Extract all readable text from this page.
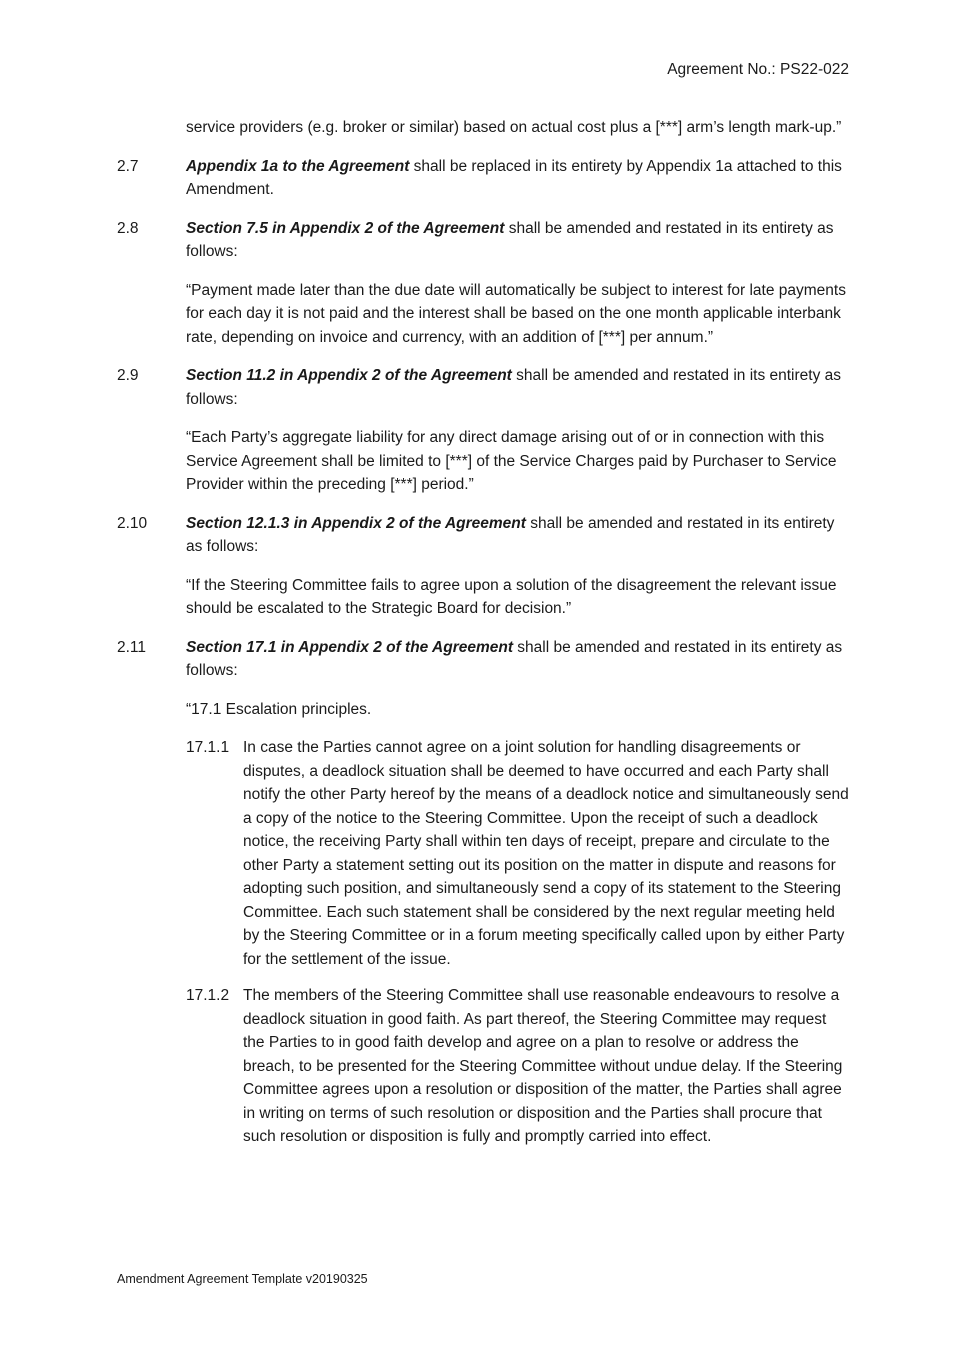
Agreement No.: PS22-022

service providers (e.g. broker or similar) based on actual cost plus a [***] arm’s length mark-up.”

2.7	Appendix 1a to the Agreement shall be replaced in its entirety by Appendix 1a attached to this Amendment.
2.8	Section 7.5 in Appendix 2 of the Agreement shall be amended and restated in its entirety as follows:

“Payment made later than the due date will automatically be subject to interest for late payments for each day it is not paid and the interest shall be based on the one month applicable interbank rate, depending on invoice and currency, with an addition of [***] per annum.”

2.9	Section 11.2 in Appendix 2 of the Agreement shall be amended and restated in its entirety as follows:

“Each Party’s aggregate liability for any direct damage arising out of or in connection with this Service Agreement shall be limited to [***] of the Service Charges paid by Purchaser to Service Provider within the preceding [***] period.”

2.10	Section 12.1.3 in Appendix 2 of the Agreement shall be amended and restated in its entirety as follows:

“If the Steering Committee fails to agree upon a solution of the disagreement the relevant issue should be escalated to the Strategic Board for decision.”

2.11	Section 17.1 in Appendix 2 of the Agreement shall be amended and restated in its entirety as follows:

“17.1 Escalation principles.

17.1.1 In case the Parties cannot agree on a joint solution for handling disagreements or disputes, a deadlock situation shall be deemed to have occurred and each Party shall notify the other Party hereof by the means of a deadlock notice and simultaneously send a copy of the notice to the Steering Committee. Upon the receipt of such a deadlock notice, the receiving Party shall within ten days of receipt, prepare and circulate to the other Party a statement setting out its position on the matter in dispute and reasons for adopting such position, and simultaneously send a copy of its statement to the Steering Committee. Each such statement shall be considered by the next regular meeting held by the Steering Committee or in a forum meeting specifically called upon by either Party for the settlement of the issue.
17.1.2 The members of the Steering Committee shall use reasonable endeavours to resolve a deadlock situation in good faith. As part thereof, the Steering Committee may request the Parties to in good faith develop and agree on a plan to resolve or address the breach, to be presented for the Steering Committee without undue delay. If the Steering Committee agrees upon a resolution or disposition of the matter, the Parties shall agree in writing on terms of such resolution or disposition and the Parties shall procure that such resolution or disposition is fully and promptly carried into effect.
Amendment Agreement Template v20190325
